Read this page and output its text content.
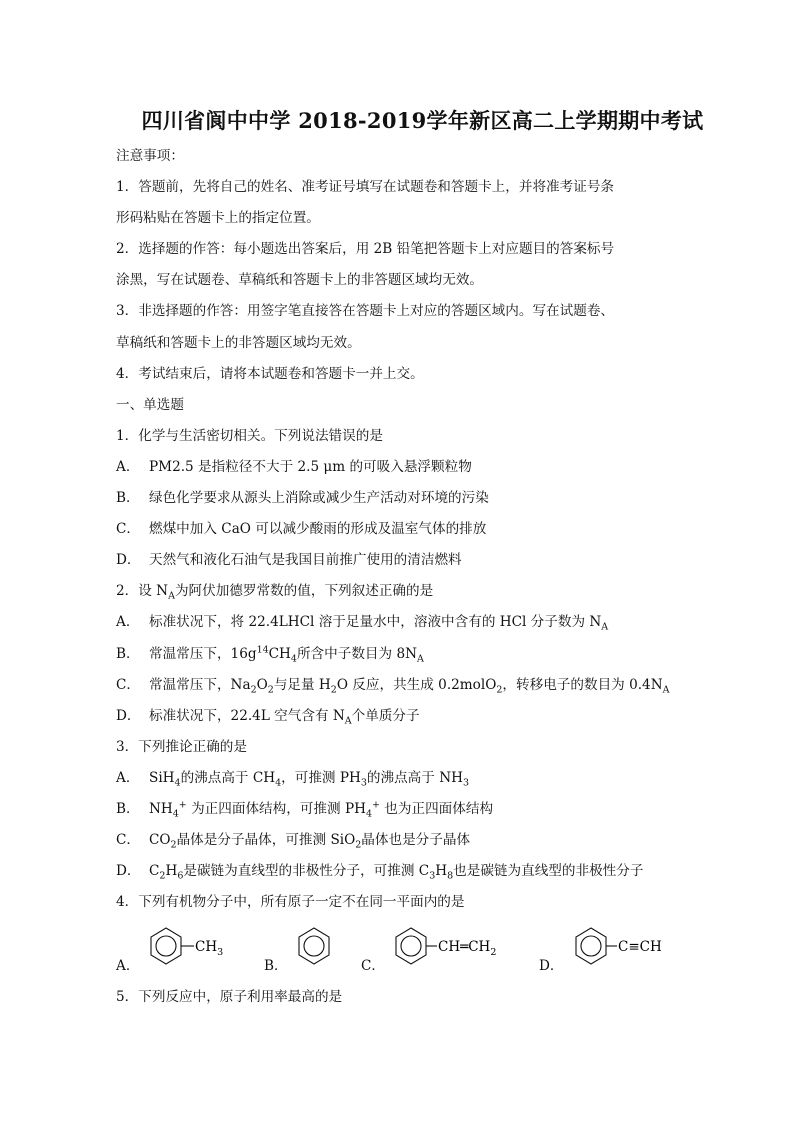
四川省阆中中学 2018-2019学年新区高二上学期期中考试
注意事项：
1．答题前，先将自己的姓名、准考证号填写在试题卷和答题卡上，并将准考证号条
形码粘贴在答题卡上的指定位置。
2．选择题的作答：每小题选出答案后，用 2B 铅笔把答题卡上对应题目的答案标号
涂黑，写在试题卷、草稿纸和答题卡上的非答题区域均无效。
3．非选择题的作答：用签字笔直接答在答题卡上对应的答题区域内。写在试题卷、
草稿纸和答题卡上的非答题区域均无效。
4．考试结束后，请将本试题卷和答题卡一并上交。
一、单选题
1．化学与生活密切相关。下列说法错误的是
A． PM2.5 是指粒径不大于 2.5 μm 的可吸入悬浮颗粒物
B． 绿色化学要求从源头上消除或减少生产活动对环境的污染
C． 燃煤中加入 CaO 可以减少酸雨的形成及温室气体的排放
D． 天然气和液化石油气是我国目前推广使用的清洁燃料
2．设 $N_A$为阿伏加德罗常数的值，下列叙述正确的是
A． 标准状况下，将 22.4LHCl 溶于足量水中，溶液中含有的 HCl 分子数为 $N_A$
B． 常温常压下，$16g^{14}CH_4$所含中子数目为 $8N_A$
C． 常温常压下，$Na_2O_2$与足量 $H_2O$ 反应，共生成 0.2molO$_2$，转移电子的数目为 $0.4N_A$
D． 标准状况下，22.4L 空气含有 $N_A$个单质分子
3．下列推论正确的是
A． SiH$_4$的沸点高于 $CH_4$，可推测 $PH_3$的沸点高于 $NH_3$
B． $NH_4^+$ 为正四面体结构，可推测 $PH_4^+$ 也为正四面体结构
C． $CO_2$晶体是分子晶体，可推测 SiO$_2$晶体也是分子晶体
D． $C_2H_6$是碳链为直线型的非极性分子，可推测 $C_3H_8$也是碳链为直线型的非极性分子
4．下列有机物分子中，所有原子一定不在同一平面内的是
A．
$CH_3$
B．	C．
$CH═CH_2$
D．
C≡CH
5．下列反应中，原子利用率最高的是
